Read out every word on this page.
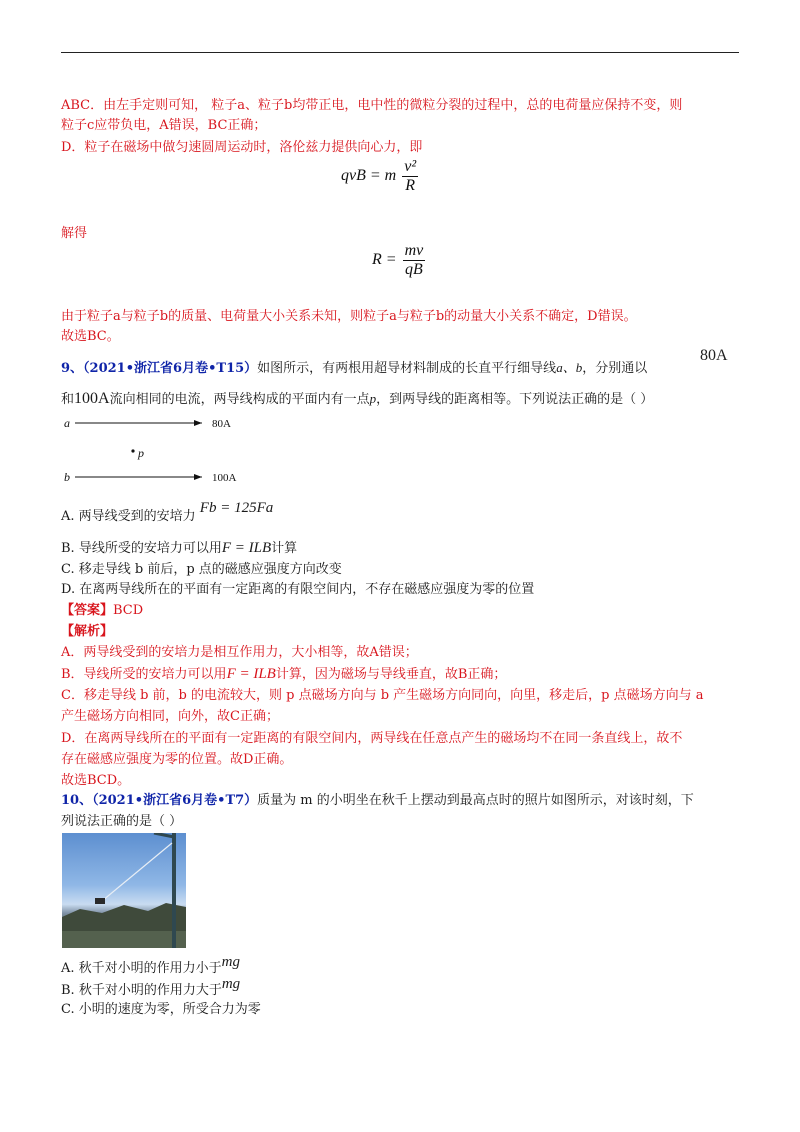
ABC．由左手定则可知， 粒子a、粒子b均带正电，电中性的微粒分裂的过程中，总的电荷量应保持不变，则
粒子c应带负电，A错误，BC正确；
D．粒子在磁场中做匀速圆周运动时，洛伦兹力提供向心力，即
qvB = m $\frac{\text{v²}}{R}$
解得
$R = \frac{mv}{qB}$
由于粒子a与粒子b的质量、电荷量大小关系未知，则粒子a与粒子b的动量大小关系不确定，D错误。
故选BC。
9、（2021•浙江省6月卷•T15）如图所示，有两根用超导材料制成的长直平行细导线a、b，分别通以
80A
和100A流向相同的电流，两导线构成的平面内有一点p，到两导线的距离相等。下列说法正确的是（ ）
a	80A
p
b	100A
A. 两导线受到的安培力 Fb = 125Fa
B. 导线所受的安培力可以用F = ILB计算
C. 移走导线 b 前后，p 点的磁感应强度方向改变
D. 在离两导线所在的平面有一定距离的有限空间内，不存在磁感应强度为零的位置
【答案】BCD
【解析】
A．两导线受到的安培力是相互作用力，大小相等，故A错误；
B．导线所受的安培力可以用F = ILB计算，因为磁场与导线垂直，故B正确；
C．移走导线 b 前，b 的电流较大，则 p 点磁场方向与 b 产生磁场方向同向，向里，移走后，p 点磁场方向与 a
产生磁场方向相同，向外，故C正确；
D．在离两导线所在的平面有一定距离的有限空间内，两导线在任意点产生的磁场均不在同一条直线上，故不
存在磁感应强度为零的位置。故D正确。
故选BCD。
10、（2021•浙江省6月卷•T7）质量为 m 的小明坐在秋千上摆动到最高点时的照片如图所示，对该时刻，下
列说法正确的是（ ）
A. 秋千对小明的作用力小于mg
B. 秋千对小明的作用力大于mg
C. 小明的速度为零，所受合力为零
